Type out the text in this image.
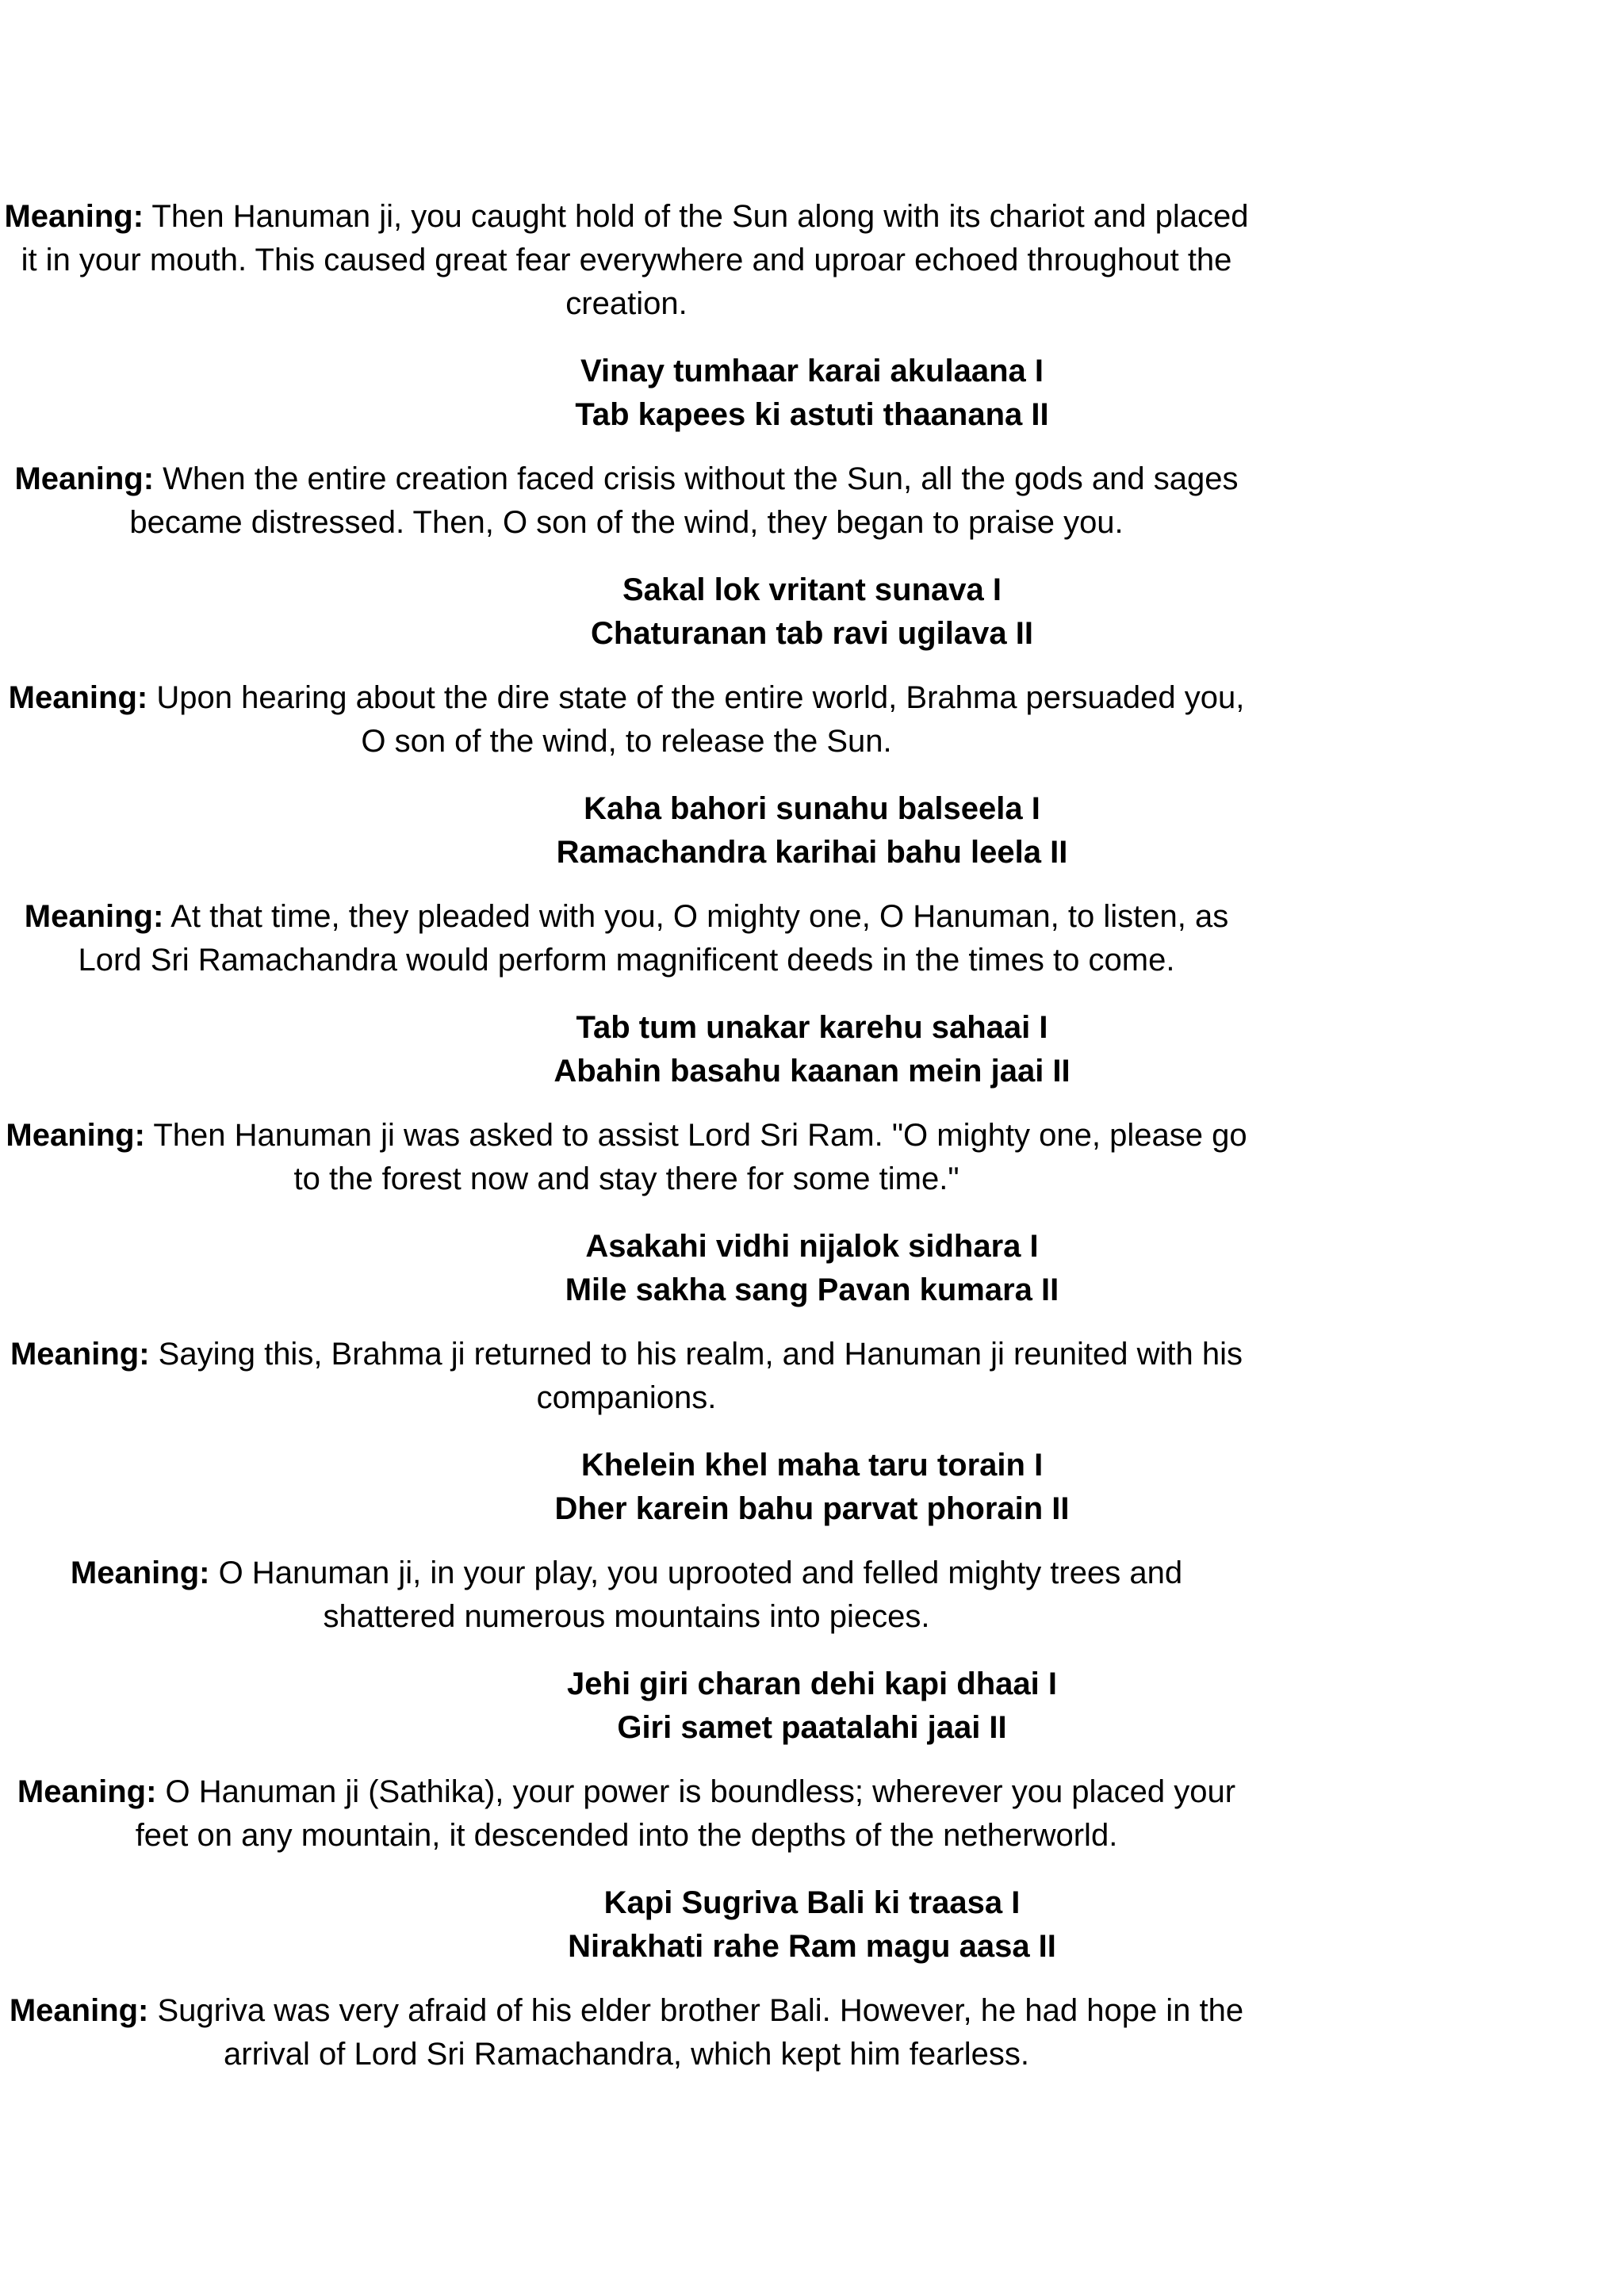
Meaning: Then Hanuman ji, you caught hold of the Sun along with its chariot and placed it in your mouth. This caused great fear everywhere and uproar echoed throughout the creation.

Vinay tumhaar karai akulaana I
Tab kapees ki astuti thaanana II

Meaning: When the entire creation faced crisis without the Sun, all the gods and sages became distressed. Then, O son of the wind, they began to praise you.

Sakal lok vritant sunava I
Chaturanan tab ravi ugilava II

Meaning: Upon hearing about the dire state of the entire world, Brahma persuaded you, O son of the wind, to release the Sun.

Kaha bahori sunahu balseela I
Ramachandra karihai bahu leela II

Meaning: At that time, they pleaded with you, O mighty one, O Hanuman, to listen, as Lord Sri Ramachandra would perform magnificent deeds in the times to come.

Tab tum unakar karehu sahaai I
Abahin basahu kaanan mein jaai II

Meaning: Then Hanuman ji was asked to assist Lord Sri Ram. "O mighty one, please go to the forest now and stay there for some time."

Asakahi vidhi nijalok sidhara I
Mile sakha sang Pavan kumara II

Meaning: Saying this, Brahma ji returned to his realm, and Hanuman ji reunited with his companions.

Khelein khel maha taru torain I
Dher karein bahu parvat phorain II

Meaning: O Hanuman ji, in your play, you uprooted and felled mighty trees and shattered numerous mountains into pieces.

Jehi giri charan dehi kapi dhaai I
Giri samet paatalahi jaai II

Meaning: O Hanuman ji (Sathika), your power is boundless; wherever you placed your feet on any mountain, it descended into the depths of the netherworld.

Kapi Sugriva Bali ki traasa I
Nirakhati rahe Ram magu aasa II

Meaning: Sugriva was very afraid of his elder brother Bali. However, he had hope in the arrival of Lord Sri Ramachandra, which kept him fearless.
